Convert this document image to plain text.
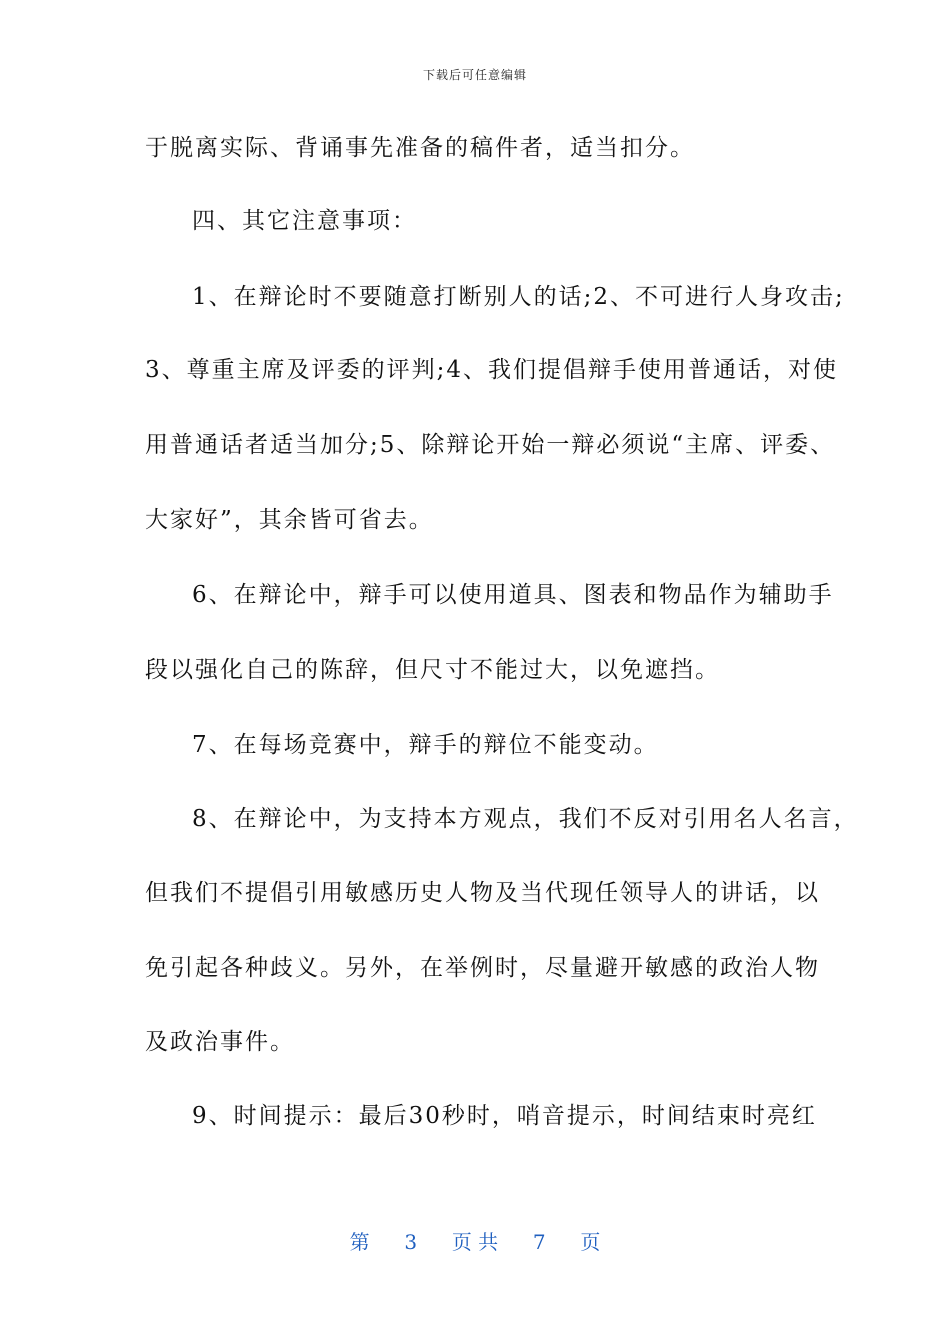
下载后可任意编辑
于脱离实际、背诵事先准备的稿件者，适当扣分。
四、其它注意事项：
1、在辩论时不要随意打断别人的话;2、不可进行人身攻击;
3、尊重主席及评委的评判;4、我们提倡辩手使用普通话，对使
用普通话者适当加分;5、除辩论开始一辩必须说“主席、评委、
大家好”，其余皆可省去。
6、在辩论中，辩手可以使用道具、图表和物品作为辅助手
段以强化自己的陈辞，但尺寸不能过大，以免遮挡。
7、在每场竞赛中，辩手的辩位不能变动。
8、在辩论中，为支持本方观点，我们不反对引用名人名言，
但我们不提倡引用敏感历史人物及当代现任领导人的讲话，以
免引起各种歧义。另外，在举例时，尽量避开敏感的政治人物
及政治事件。
9、时间提示：最后30秒时，哨音提示，时间结束时亮红
第 3 页 共 7 页
